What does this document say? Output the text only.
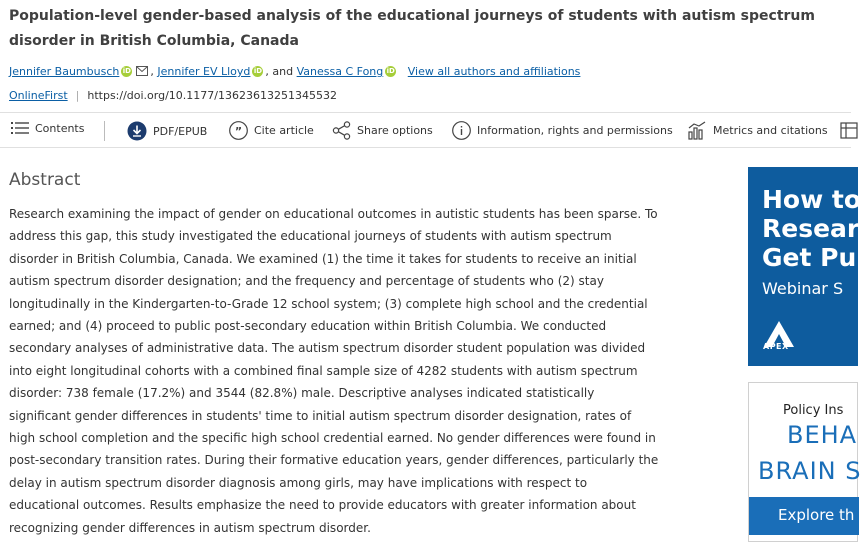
Population-level gender-based analysis of the educational journeys of students with autism spectrum disorder in British Columbia, Canada
Jennifer Baumbusch iD , Jennifer EV Lloyd iD , and Vanessa C Fong iD View all authors and affiliations
OnlineFirst | https://doi.org/10.1177/13623613251345532
Contents	PDF/EPUB	” Cite article	Share options	Information, rights and permissions	Metrics and citations
Abstract

Research examining the impact of gender on educational outcomes in autistic students has been sparse. To address this gap, this study investigated the educational journeys of students with autism spectrum disorder in British Columbia, Canada. We examined (1) the time it takes for students to receive an initial autism spectrum disorder designation; and the frequency and percentage of students who (2) stay longitudinally in the Kindergarten-to-Grade 12 school system; (3) complete high school and the credential earned; and (4) proceed to public post-secondary education within British Columbia. We conducted secondary analyses of administrative data. The autism spectrum disorder student population was divided into eight longitudinal cohorts with a combined final sample size of 4282 students with autism spectrum disorder: 738 female (17.2%) and 3544 (82.8%) male. Descriptive analyses indicated statistically significant gender differences in students' time to initial autism spectrum disorder designation, rates of high school completion and the specific high school credential earned. No gender differences were found in post-secondary transition rates. During their formative education years, gender differences, particularly the delay in autism spectrum disorder diagnosis among girls, may have implications with respect to educational outcomes. Results emphasize the need to provide educators with greater information about recognizing gender differences in autism spectrum disorder.

How to
Resear
Get Pu
Webinar S
APEX
Policy Ins
BEHA
BRAIN S
Explore th
